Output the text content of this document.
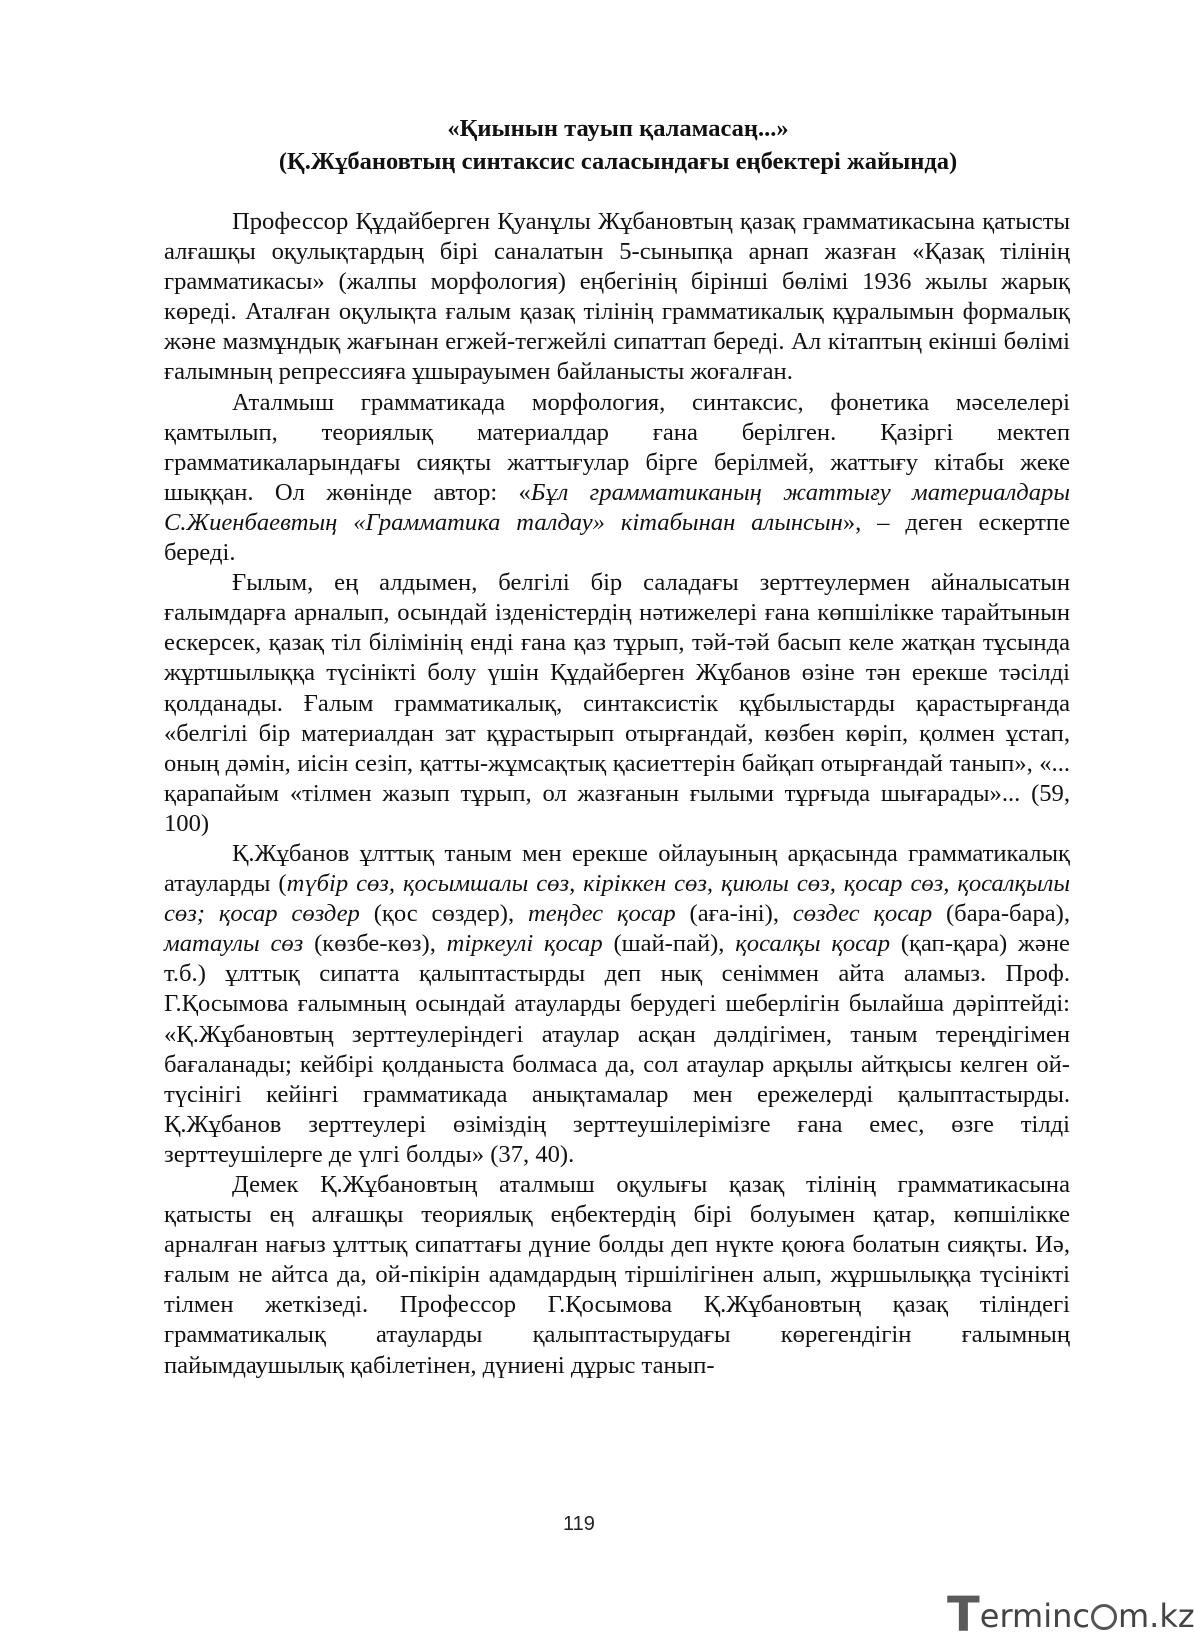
«Қиынын тауып қаламасаң...»
(Қ.Жұбановтың синтаксис саласындағы еңбектері жайында)

Профессор Құдайберген Қуанұлы Жұбановтың қазақ грамматикасына қатысты алғашқы оқулықтардың бірі саналатын 5-сыныпқа арнап жазған «Қазақ тілінің грамматикасы» (жалпы морфология) еңбегінің бірінші бөлімі 1936 жылы жарық көреді. Аталған оқулықта ғалым қазақ тілінің грамматикалық құралымын формалық және мазмұндық жағынан егжей-тегжейлі сипаттап береді. Ал кітаптың екінші бөлімі ғалымның репрессияға ұшырауымен байланысты жоғалған.

Аталмыш грамматикада морфология, синтаксис, фонетика мәселелері қамтылып, теориялық материалдар ғана берілген. Қазіргі мектеп грамматикаларындағы сияқты жаттығулар бірге берілмей, жаттығу кітабы жеке шыққан. Ол жөнінде автор: «Бұл грамматиканың жаттығу материалдары С.Жиенбаевтың «Грамматика талдау» кітабынан алынсын», – деген ескертпе береді.

Ғылым, ең алдымен, белгілі бір саладағы зерттеулермен айналысатын ғалымдарға арналып, осындай ізденістердің нәтижелері ғана көпшілікке тарайтынын ескерсек, қазақ тіл білімінің енді ғана қаз тұрып, тәй-тәй басып келе жатқан тұсында жұртшылыққа түсінікті болу үшін Құдайберген Жұбанов өзіне тән ерекше тәсілді қолданады. Ғалым грамматикалық, синтаксистік құбылыстарды қарастырғанда «белгілі бір материалдан зат құрастырып отырғандай, көзбен көріп, қолмен ұстап, оның дәмін, иісін сезіп, қатты-жұмсақтық қасиеттерін байқап отырғандай танып», «... қарапайым «тілмен жазып тұрып, ол жазғанын ғылыми тұрғыда шығарады»... (59, 100)

Қ.Жұбанов ұлттық таным мен ерекше ойлауының арқасында грамматикалық атауларды (түбір сөз, қосымшалы сөз, кіріккен сөз, қиюлы сөз, қосар сөз, қосалқылы сөз; қосар сөздер (қос сөздер), теңдес қосар (аға-іні), сөздес қосар (бара-бара), матаулы сөз (көзбе-көз), тіркеулі қосар (шай-пай), қосалқы қосар (қап-қара) және т.б.) ұлттық сипатта қалыптастырды деп нық сеніммен айта аламыз. Проф. Г.Қосымова ғалымның осындай атауларды берудегі шеберлігін былайша дәріптейді: «Қ.Жұбановтың зерттеулеріндегі атаулар асқан дәлдігімен, таным тереңдігімен бағаланады; кейбірі қолданыста болмаса да, сол атаулар арқылы айтқысы келген ой-түсінігі кейінгі грамматикада анықтамалар мен ережелерді қалыптастырды. Қ.Жұбанов зерттеулері өзіміздің зерттеушілерімізге ғана емес, өзге тілді зерттеушілерге де үлгі болды» (37, 40).

Демек Қ.Жұбановтың аталмыш оқулығы қазақ тілінің грамматикасына қатысты ең алғашқы теориялық еңбектердің бірі болуымен қатар, көпшілікке арналған нағыз ұлттық сипаттағы дүние болды деп нүкте қоюға болатын сияқты. Иә, ғалым не айтса да, ой-пікірін адамдардың тіршілігінен алып, жұршылыққа түсінікті тілмен жеткізеді. Профессор Г.Қосымова Қ.Жұбановтың қазақ тіліндегі грамматикалық атауларды қалыптастырудағы көрегендігін ғалымның пайымдаушылық қабілетінен, дүниені дұрыс танып-

119
Terminc m.kz
